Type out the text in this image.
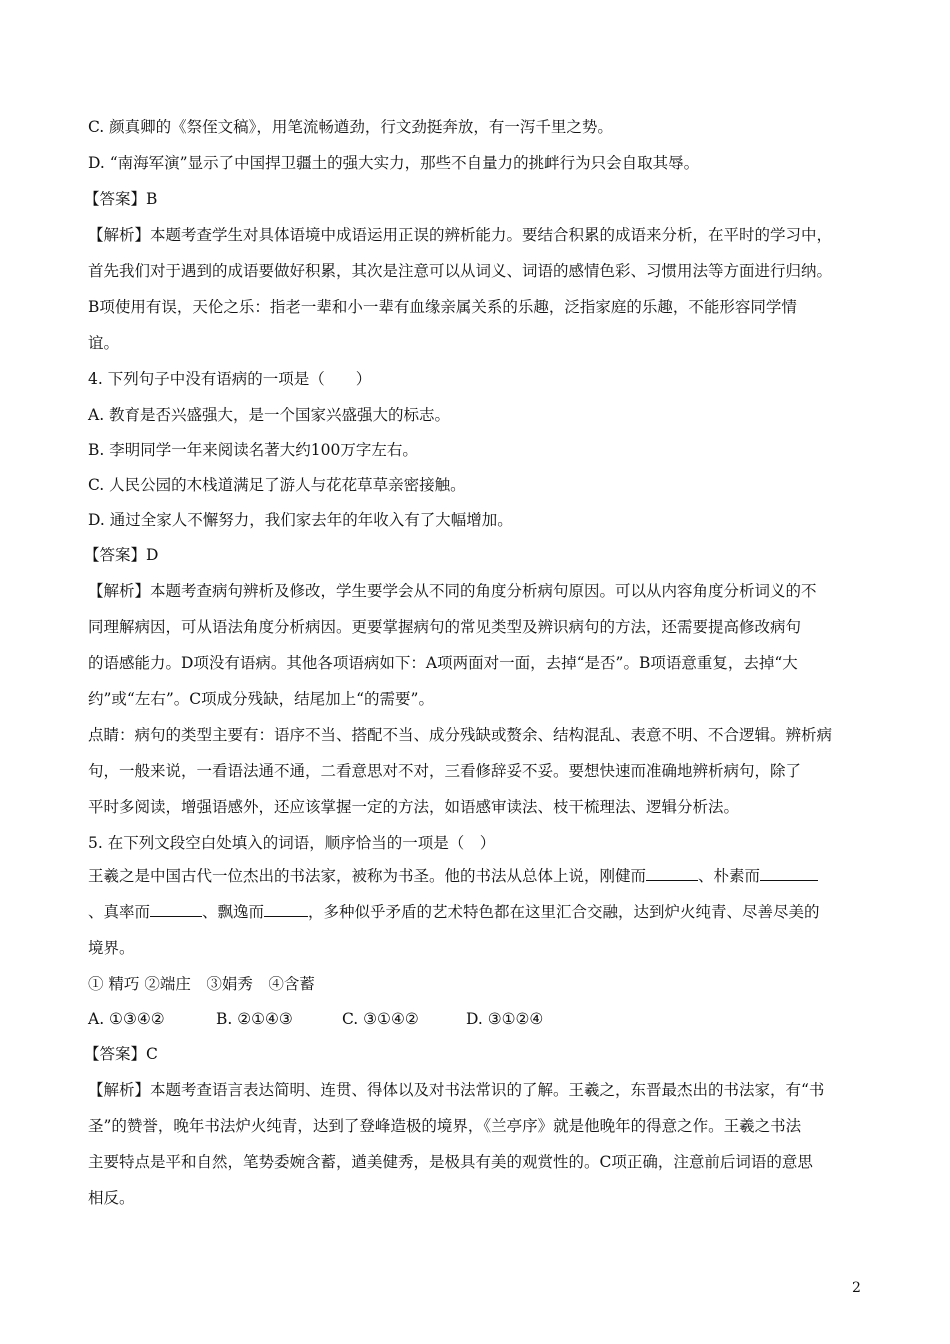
C. 颜真卿的《祭侄文稿》，用笔流畅遒劲，行文劲挺奔放，有一泻千里之势。
D. “南海军演”显示了中国捍卫疆土的强大实力，那些不自量力的挑衅行为只会自取其辱。
【答案】B
【解析】本题考查学生对具体语境中成语运用正误的辨析能力。要结合积累的成语来分析，在平时的学习中，
首先我们对于遇到的成语要做好积累，其次是注意可以从词义、词语的感情色彩、习惯用法等方面进行归纳。
B项使用有误，天伦之乐：指老一辈和小一辈有血缘亲属关系的乐趣，泛指家庭的乐趣，不能形容同学情
谊。
4. 下列句子中没有语病的一项是（　　）
A. 教育是否兴盛强大，是一个国家兴盛强大的标志。
B. 李明同学一年来阅读名著大约100万字左右。
C. 人民公园的木栈道满足了游人与花花草草亲密接触。
D. 通过全家人不懈努力，我们家去年的年收入有了大幅增加。
【答案】D
【解析】本题考查病句辨析及修改，学生要学会从不同的角度分析病句原因。可以从内容角度分析词义的不
同理解病因，可从语法角度分析病因。更要掌握病句的常见类型及辨识病句的方法，还需要提高修改病句
的语感能力。D项没有语病。其他各项语病如下：A项两面对一面，去掉“是否”。B项语意重复，去掉“大
约”或“左右”。C项成分残缺，结尾加上“的需要”。
点睛：病句的类型主要有：语序不当、搭配不当、成分残缺或赘余、结构混乱、表意不明、不合逻辑。辨析病
句，一般来说，一看语法通不通，二看意思对不对，三看修辞妥不妥。要想快速而准确地辨析病句，除了
平时多阅读，增强语感外，还应该掌握一定的方法，如语感审读法、枝干梳理法、逻辑分析法。
5. 在下列文段空白处填入的词语，顺序恰当的一项是（　）
王羲之是中国古代一位杰出的书法家，被称为书圣。他的书法从总体上说，刚健而	、朴素而
、真率而	、飘逸而	，多种似乎矛盾的艺术特色都在这里汇合交融，达到炉火纯青、尽善尽美的
境界。
① 精巧 ②端庄　③娟秀　④含蓄
A. ①③④②	B. ②①④③	C. ③①④②	D. ③①②④
【答案】C
【解析】本题考查语言表达简明、连贯、得体以及对书法常识的了解。王羲之，东晋最杰出的书法家，有“书
圣”的赞誉，晚年书法炉火纯青，达到了登峰造极的境界，《兰亭序》就是他晚年的得意之作。王羲之书法
主要特点是平和自然，笔势委婉含蓄，遒美健秀，是极具有美的观赏性的。C项正确，注意前后词语的意思
相反。
2
